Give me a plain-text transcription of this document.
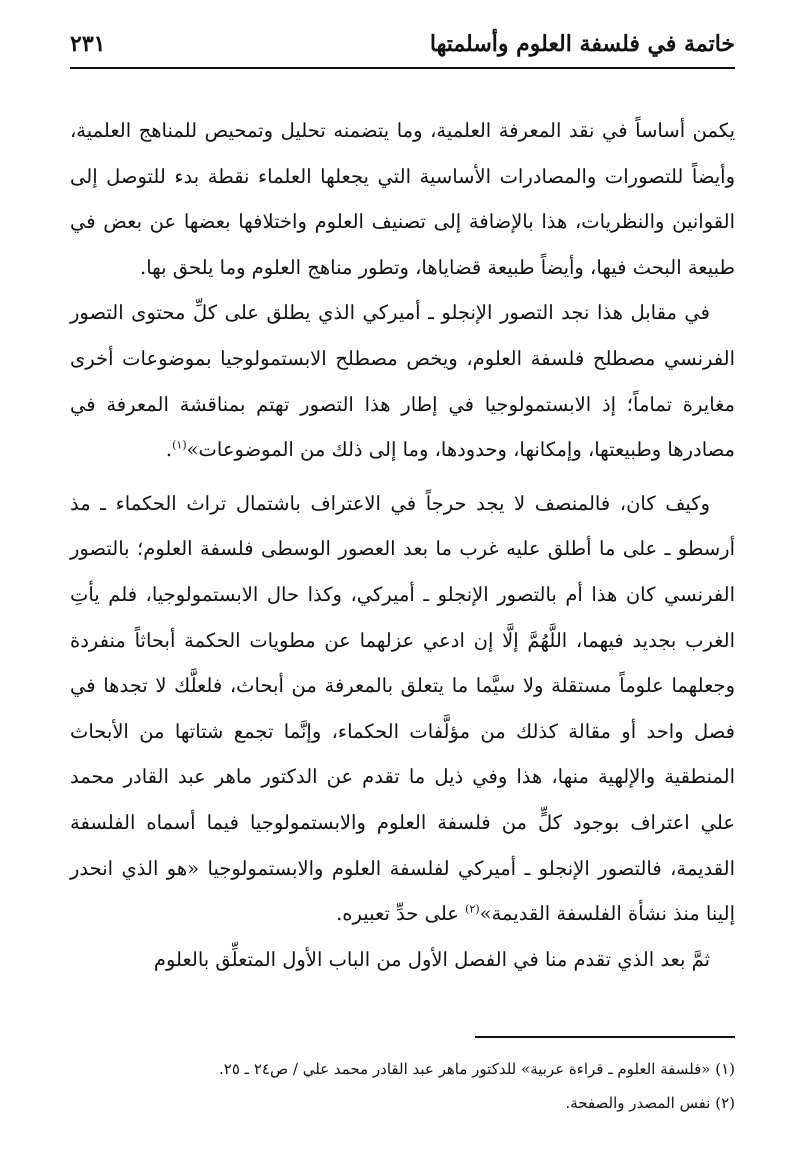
خاتمة في فلسفة العلوم وأسلمتها
٢٣١

يكمن أساساً في نقد المعرفة العلمية، وما يتضمنه تحليل وتمحيص للمناهج العلمية، وأيضاً للتصورات والمصادرات الأساسية التي يجعلها العلماء نقطة بدء للتوصل إلى القوانين والنظريات، هذا بالإضافة إلى تصنيف العلوم واختلافها بعضها عن بعض في طبيعة البحث فيها، وأيضاً طبيعة قضاياها، وتطور مناهج العلوم وما يلحق بها.

في مقابل هذا نجد التصور الإنجلو ـ أميركي الذي يطلق على كلِّ محتوى التصور الفرنسي مصطلح فلسفة العلوم، ويخص مصطلح الابستمولوجيا بموضوعات أخرى مغايرة تماماً؛ إذ الابستمولوجيا في إطار هذا التصور تهتم بمناقشة المعرفة في مصادرها وطبيعتها، وإمكانها، وحدودها، وما إلى ذلك من الموضوعات»$^{(١)}$.

وكيف كان، فالمنصف لا يجد حرجاً في الاعتراف باشتمال تراث الحكماء ـ مذ أرسطو ـ على ما أطلق عليه غرب ما بعد العصور الوسطى فلسفة العلوم؛ بالتصور الفرنسي كان هذا أم بالتصور الإنجلو ـ أميركي، وكذا حال الابستمولوجيا، فلم يأتِ الغرب بجديد فيهما، اللَّهُمَّ إلَّا إن ادعي عزلهما عن مطويات الحكمة أبحاثاً منفردة وجعلهما علوماً مستقلة ولا سيَّما ما يتعلق بالمعرفة من أبحاث، فلعلَّك لا تجدها في فصل واحد أو مقالة كذلك من مؤلَّفات الحكماء، وإنَّما تجمع شتاتها من الأبحاث المنطقية والإلهية منها، هذا وفي ذيل ما تقدم عن الدكتور ماهر عبد القادر محمد علي اعتراف بوجود كلٍّ من فلسفة العلوم والابستمولوجيا فيما أسماه الفلسفة القديمة، فالتصور الإنجلو ـ أميركي لفلسفة العلوم والابستمولوجيا «هو الذي انحدر إلينا منذ نشأة الفلسفة القديمة»$^{(٢)}$ على حدِّ تعبيره.

ثمَّ بعد الذي تقدم منا في الفصل الأول من الباب الأول المتعلِّق بالعلوم

(١) «فلسفة العلوم ـ قراءة عربية» للدكتور ماهر عبد القادر محمد علي / ص٢٤ ـ ٢٥.

(٢) نفس المصدر والصفحة.
